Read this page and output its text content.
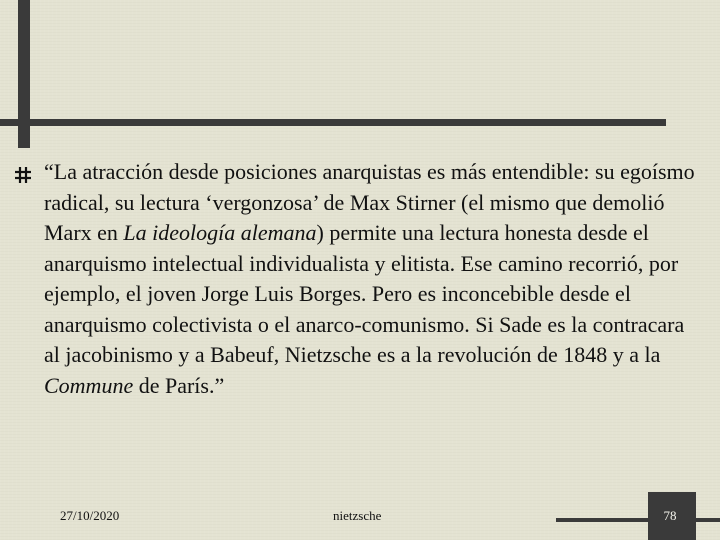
“La atracción desde posiciones anarquistas es más entendible: su egoísmo radical, su lectura ‘vergonzosa’ de Max Stirner (el mismo que demolió Marx en La ideología alemana) permite una lectura honesta desde el anarquismo intelectual individualista y elitista. Ese camino recorrió, por ejemplo, el joven Jorge Luis Borges. Pero es inconcebible desde el anarquismo colectivista o el anarco-comunismo. Si Sade es la contracara al jacobinismo y a Babeuf, Nietzsche es a la revolución de 1848 y a la Commune de París.”

27/10/2020	nietzsche	78
